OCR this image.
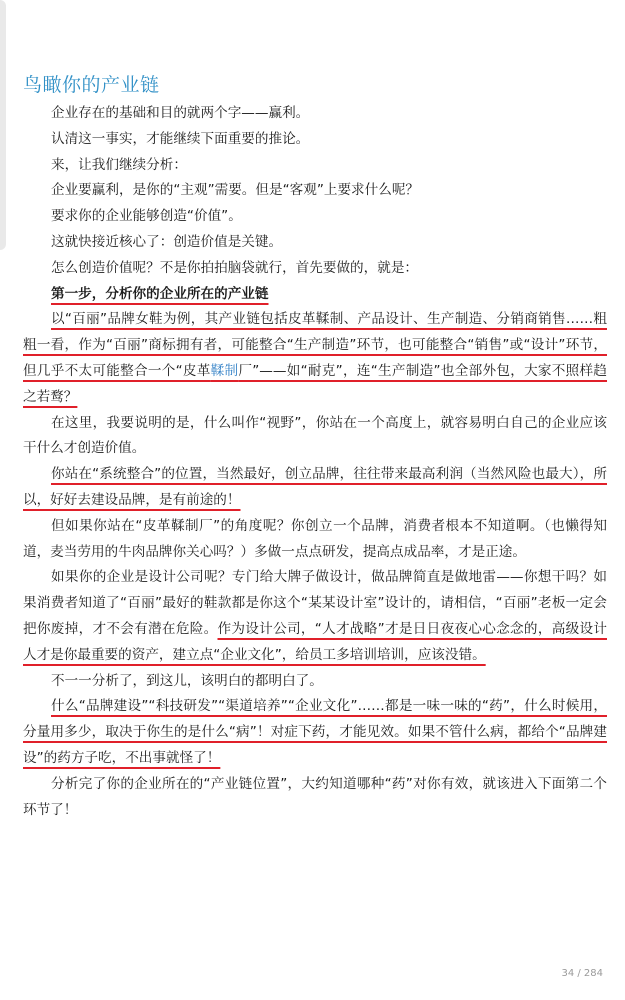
鸟瞰你的产业链

企业存在的基础和目的就两个字——赢利。

认清这一事实，才能继续下面重要的推论。

来，让我们继续分析：

企业要赢利，是你的“主观”需要。但是“客观”上要求什么呢？

要求你的企业能够创造“价值”。

这就快接近核心了：创造价值是关键。

怎么创造价值呢？不是你拍拍脑袋就行，首先要做的，就是：

第一步，分析你的企业所在的产业链

以“百丽”品牌女鞋为例，其产业链包括皮革鞣制、产品设计、生产制造、分销商销售……粗粗一看，作为“百丽”商标拥有者，可能整合“生产制造”环节，也可能整合“销售”或“设计”环节，但几乎不太可能整合一个“皮革鞣制厂”——如“耐克”，连“生产制造”也全部外包，大家不照样趋之若鹜？

在这里，我要说明的是，什么叫作“视野”，你站在一个高度上，就容易明白自己的企业应该干什么才创造价值。

你站在“系统整合”的位置，当然最好，创立品牌，往往带来最高利润（当然风险也最大），所以，好好去建设品牌，是有前途的！

但如果你站在“皮革鞣制厂”的角度呢？你创立一个品牌，消费者根本不知道啊。（也懒得知道，麦当劳用的牛肉品牌你关心吗？）多做一点点研发，提高点成品率，才是正途。

如果你的企业是设计公司呢？专门给大牌子做设计，做品牌简直是做地雷——你想干吗？如果消费者知道了“百丽”最好的鞋款都是你这个“某某设计室”设计的，请相信，“百丽”老板一定会把你废掉，才不会有潜在危险。作为设计公司，“人才战略”才是日日夜夜心心念念的，高级设计人才是你最重要的资产，建立点“企业文化”，给员工多培训培训，应该没错。

不一一分析了，到这儿，该明白的都明白了。

什么“品牌建设”“科技研发”“渠道培养”“企业文化”……都是一味一味的“药”，什么时候用，分量用多少，取决于你生的是什么“病”！对症下药，才能见效。如果不管什么病，都给个“品牌建设”的药方子吃，不出事就怪了！

分析完了你的企业所在的“产业链位置”，大约知道哪种“药”对你有效，就该进入下面第二个环节了！

34 / 284
